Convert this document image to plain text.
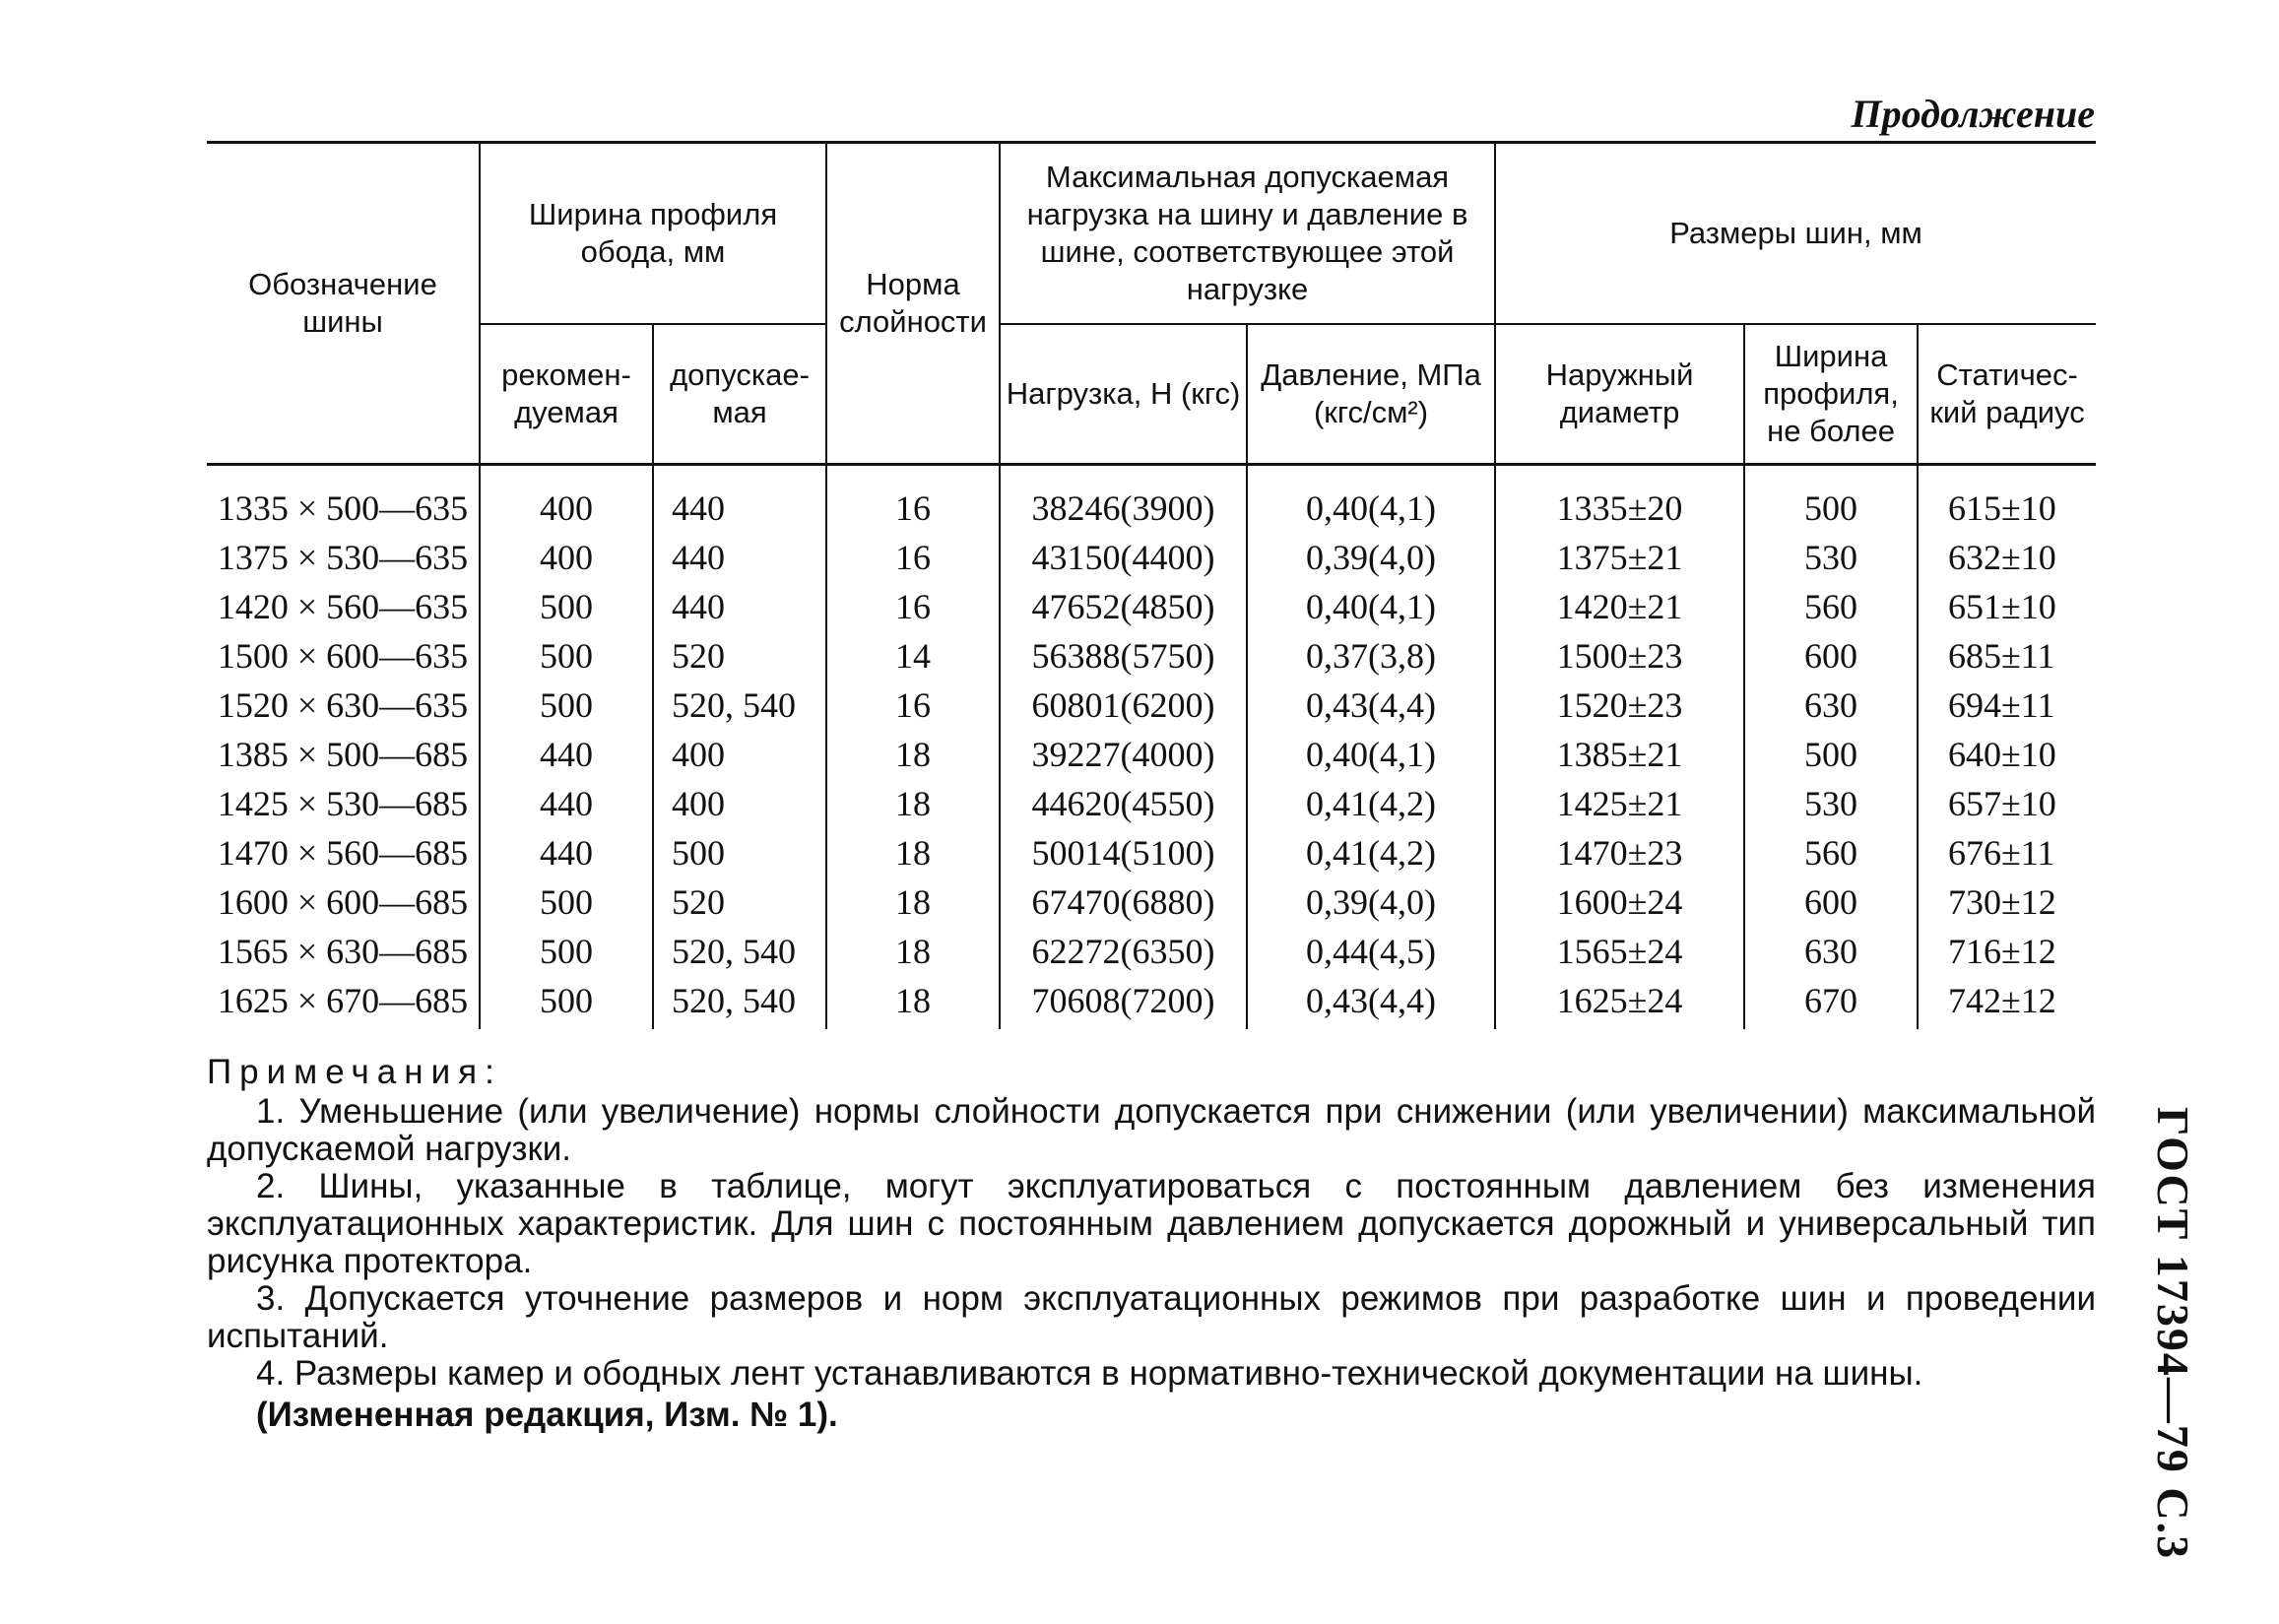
Продолжение
Обозначение шины	Ширина профиля обода, мм		Норма слойности	Макcимальная допускаемая нагрузка на шину и давление в шине, соответствующее этой нагрузке		Размеры шин, мм		
	рекомен-дуемая	допускае-мая		Нагрузка, Н (кгс)	Давление, МПа (кгс/см²)	Наружный диаметр	Ширина профиля, не более	Статичес-кий радиус
1335 × 500—635	400	440	16	38246(3900)	0,40(4,1)	1335±20	500	615±10
1375 × 530—635	400	440	16	43150(4400)	0,39(4,0)	1375±21	530	632±10
1420 × 560—635	500	440	16	47652(4850)	0,40(4,1)	1420±21	560	651±10
1500 × 600—635	500	520	14	56388(5750)	0,37(3,8)	1500±23	600	685±11
1520 × 630—635	500	520, 540	16	60801(6200)	0,43(4,4)	1520±23	630	694±11
1385 × 500—685	440	400	18	39227(4000)	0,40(4,1)	1385±21	500	640±10
1425 × 530—685	440	400	18	44620(4550)	0,41(4,2)	1425±21	530	657±10
1470 × 560—685	440	500	18	50014(5100)	0,41(4,2)	1470±23	560	676±11
1600 × 600—685	500	520	18	67470(6880)	0,39(4,0)	1600±24	600	730±12
1565 × 630—685	500	520, 540	18	62272(6350)	0,44(4,5)	1565±24	630	716±12
1625 × 670—685	500	520, 540	18	70608(7200)	0,43(4,4)	1625±24	670	742±12
Примечания:

1. Уменьшение (или увеличение) нормы слойности допускается при снижении (или увеличении) максимальной допускаемой нагрузки.

2. Шины, указанные в таблице, могут эксплуатироваться с постоянным давлением без изменения эксплуатационных характеристик. Для шин с постоянным давлением допускается дорожный и универсальный тип рисунка протектора.

3. Допускается уточнение размеров и норм эксплуатационных режимов при разработке шин и проведении испытаний.

4. Размеры камер и ободных лент устанавливаются в нормативно-технической документации на шины.

(Измененная редакция, Изм. № 1).	ГОСТ 17394—79 С.3
